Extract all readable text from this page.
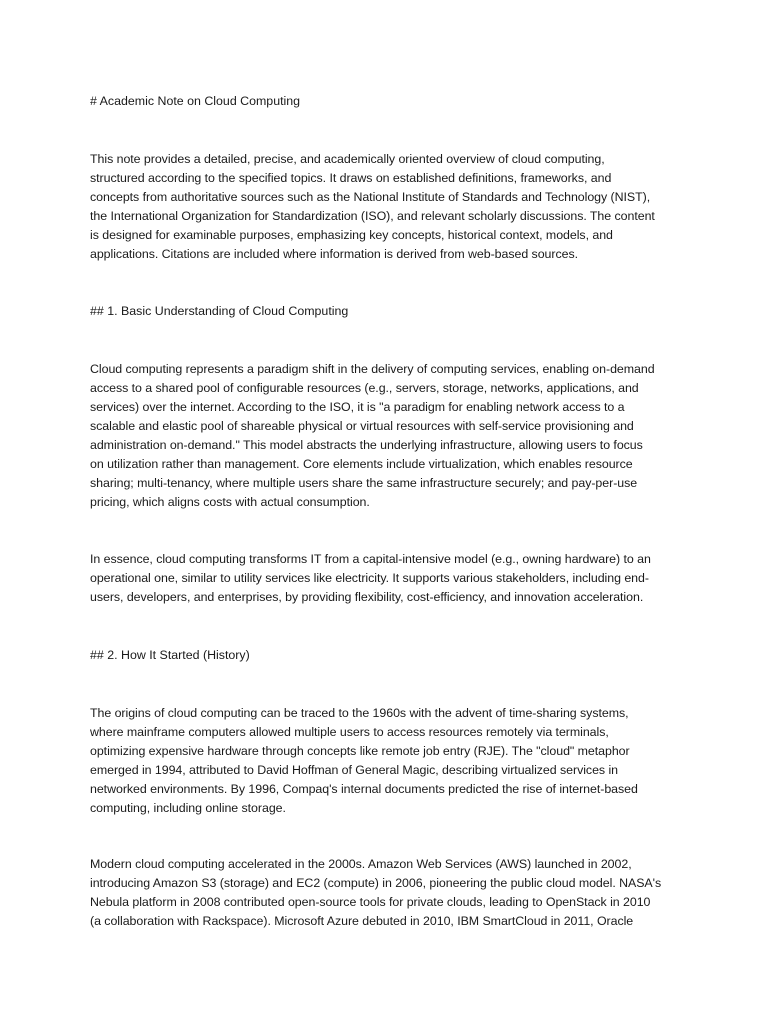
# Academic Note on Cloud Computing
This note provides a detailed, precise, and academically oriented overview of cloud computing,
structured according to the specified topics. It draws on established definitions, frameworks, and
concepts from authoritative sources such as the National Institute of Standards and Technology (NIST),
the International Organization for Standardization (ISO), and relevant scholarly discussions. The content
is designed for examinable purposes, emphasizing key concepts, historical context, models, and
applications. Citations are included where information is derived from web-based sources.
## 1. Basic Understanding of Cloud Computing
Cloud computing represents a paradigm shift in the delivery of computing services, enabling on-demand
access to a shared pool of configurable resources (e.g., servers, storage, networks, applications, and
services) over the internet. According to the ISO, it is "a paradigm for enabling network access to a
scalable and elastic pool of shareable physical or virtual resources with self-service provisioning and
administration on-demand." This model abstracts the underlying infrastructure, allowing users to focus
on utilization rather than management. Core elements include virtualization, which enables resource
sharing; multi-tenancy, where multiple users share the same infrastructure securely; and pay-per-use
pricing, which aligns costs with actual consumption.
In essence, cloud computing transforms IT from a capital-intensive model (e.g., owning hardware) to an
operational one, similar to utility services like electricity. It supports various stakeholders, including end-
users, developers, and enterprises, by providing flexibility, cost-efficiency, and innovation acceleration.
## 2. How It Started (History)
The origins of cloud computing can be traced to the 1960s with the advent of time-sharing systems,
where mainframe computers allowed multiple users to access resources remotely via terminals,
optimizing expensive hardware through concepts like remote job entry (RJE). The "cloud" metaphor
emerged in 1994, attributed to David Hoffman of General Magic, describing virtualized services in
networked environments. By 1996, Compaq's internal documents predicted the rise of internet-based
computing, including online storage.
Modern cloud computing accelerated in the 2000s. Amazon Web Services (AWS) launched in 2002,
introducing Amazon S3 (storage) and EC2 (compute) in 2006, pioneering the public cloud model. NASA's
Nebula platform in 2008 contributed open-source tools for private clouds, leading to OpenStack in 2010
(a collaboration with Rackspace). Microsoft Azure debuted in 2010, IBM SmartCloud in 2011, Oracle
